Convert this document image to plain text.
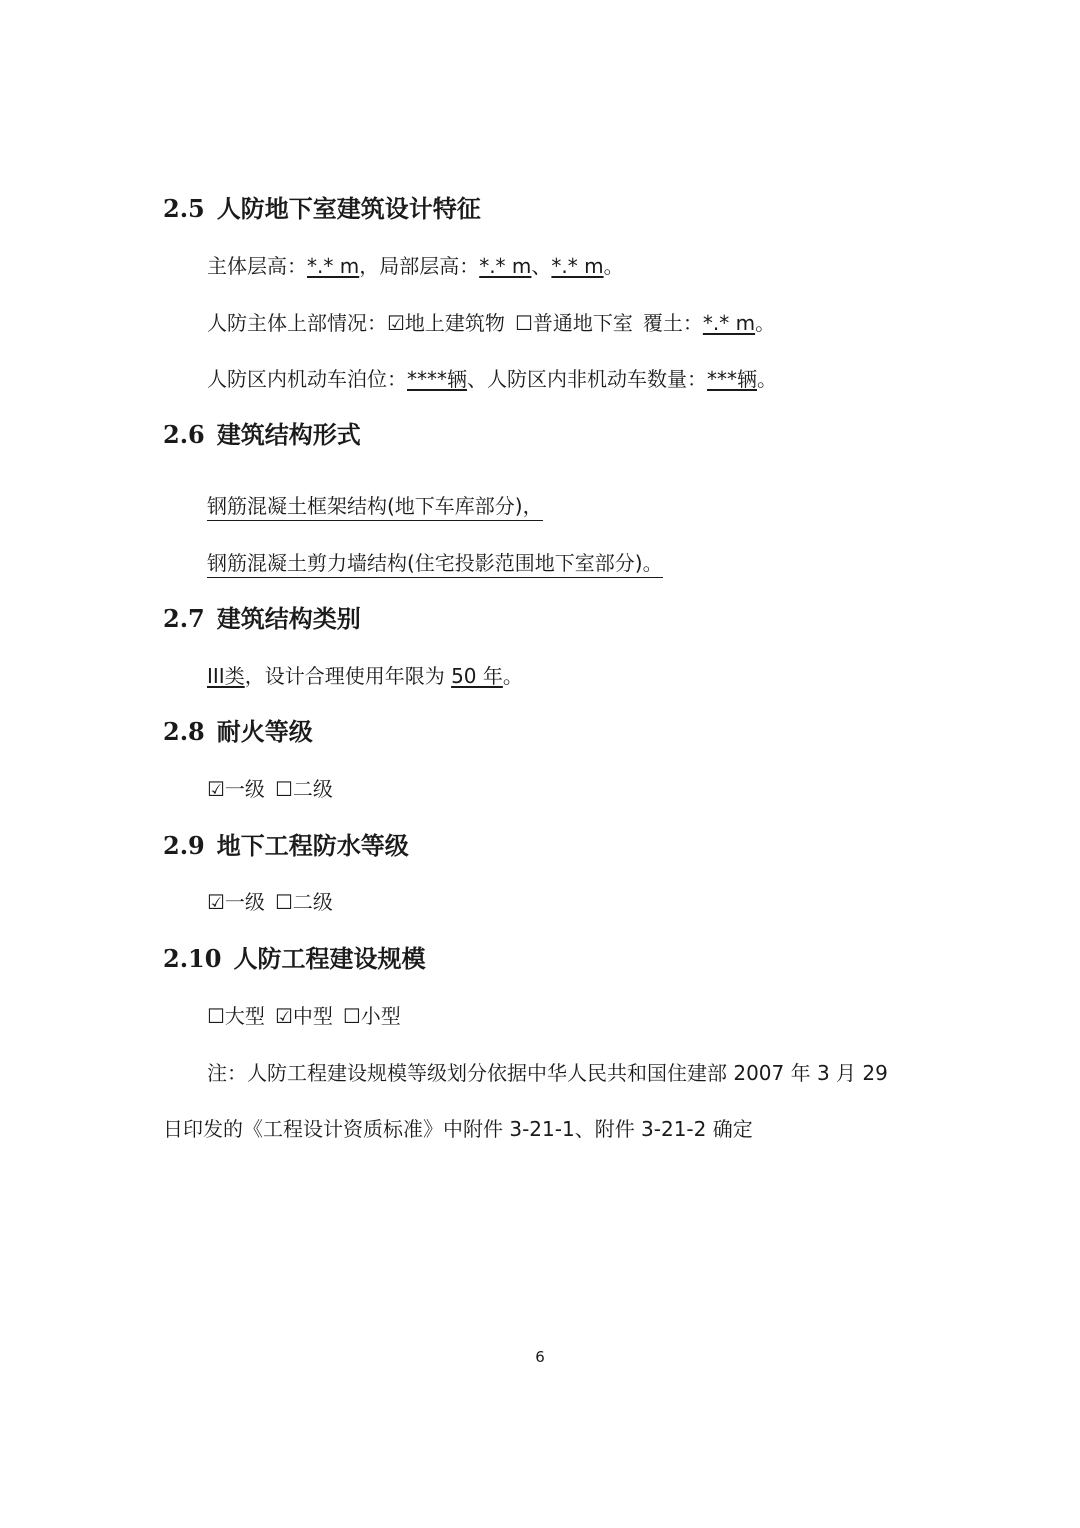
2.5 人防地下室建筑设计特征
主体层高：*.* m，局部层高：*.* m、*.* m。
人防主体上部情况：☑地上建筑物 ☐普通地下室 覆土：*.* m。
人防区内机动车泊位：****辆、人防区内非机动车数量：***辆。
2.6 建筑结构形式
钢筋混凝土框架结构(地下车库部分)，
钢筋混凝土剪力墙结构(住宅投影范围地下室部分)。
2.7 建筑结构类别
III类，设计合理使用年限为 50 年。
2.8 耐火等级
☑一级 ☐二级
2.9 地下工程防水等级
☑一级 ☐二级
2.10 人防工程建设规模
☐大型 ☑中型 ☐小型
注：人防工程建设规模等级划分依据中华人民共和国住建部 2007 年 3 月 29
日印发的《工程设计资质标准》中附件 3-21-1、附件 3-21-2 确定
6
